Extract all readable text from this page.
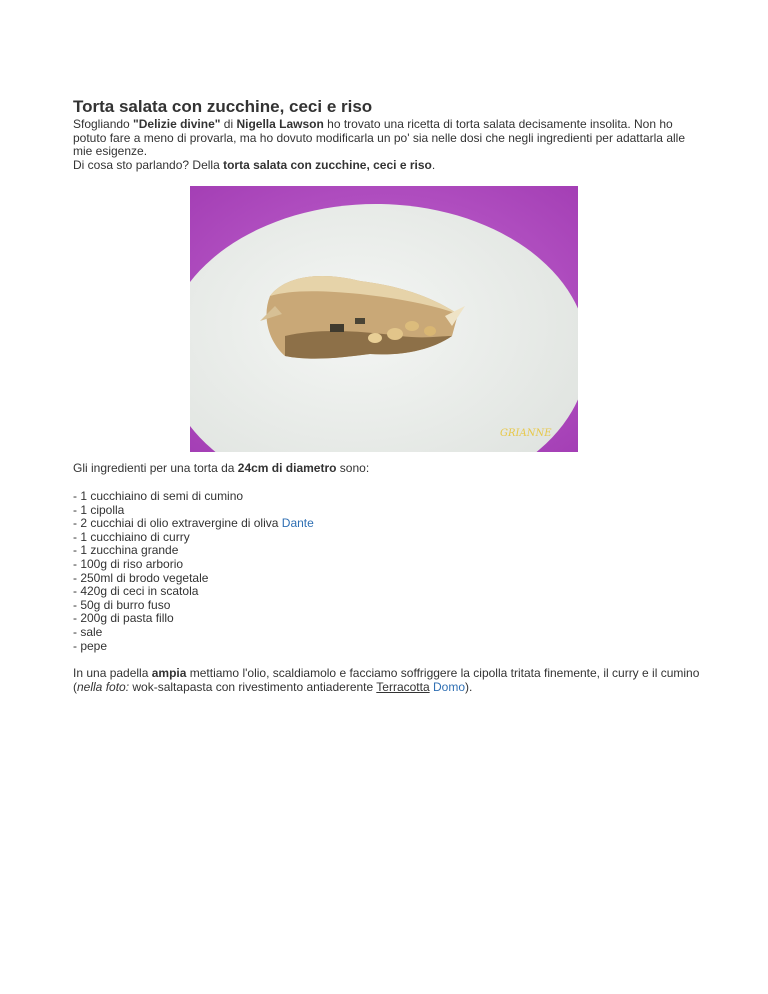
Torta salata con zucchine, ceci e riso

Sfogliando "Delizie divine" di Nigella Lawson ho trovato una ricetta di torta salata decisamente insolita. Non ho potuto fare a meno di provarla, ma ho dovuto modificarla un po' sia nelle dosi che negli ingredienti per adattarla alle mie esigenze.

Di cosa sto parlando? Della torta salata con zucchine, ceci e riso.

GRIANNE

Gli ingredienti per una torta da 24cm di diametro sono:

- 1 cucchiaino di semi di cumino
- 1 cipolla
- 2 cucchiai di olio extravergine di oliva Dante
- 1 cucchiaino di curry
- 1 zucchina grande
- 100g di riso arborio
- 250ml di brodo vegetale
- 420g di ceci in scatola
- 50g di burro fuso
- 200g di pasta fillo
- sale
- pepe

In una padella ampia mettiamo l'olio, scaldiamolo e facciamo soffriggere la cipolla tritata finemente, il curry e il cumino (nella foto: wok-saltapasta con rivestimento antiaderente Terracotta Domo).
